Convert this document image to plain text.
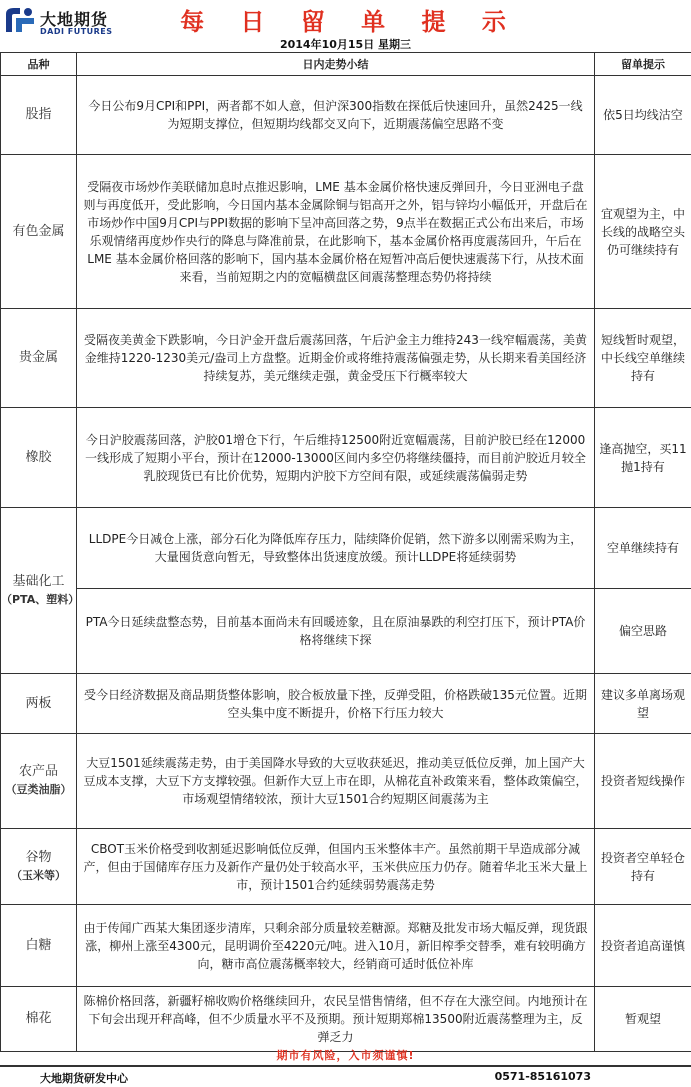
大地期货
DADI FUTURES	每 日 留 单 提 示
2014年10月15日 星期三
品种	日内走势小结	留单提示
股指	今日公布9月CPI和PPI，两者都不如人意，但沪深300指数在探低后快速回升，虽然2425一线为短期支撑位，但短期均线都交叉向下，近期震荡偏空思路不变	依5日均线沽空
有色金属	受隔夜市场炒作美联储加息时点推迟影响，LME 基本金属价格快速反弹回升，今日亚洲电子盘则与再度低开，受此影响，今日国内基本金属除铜与铝高开之外，铝与锌均小幅低开，开盘后在市场炒作中国9月CPI与PPI数据的影响下呈冲高回落之势，9点半在数据正式公布出来后，市场乐观情绪再度炒作央行的降息与降准前景，在此影响下，基本金属价格再度震荡回升，午后在LME 基本金属价格回落的影响下，国内基本金属价格在短暂冲高后便快速震荡下行，从技术面来看，当前短期之内的宽幅横盘区间震荡整理态势仍将持续	宜观望为主，中长线的战略空头仍可继续持有
贵金属	受隔夜美黄金下跌影响，今日沪金开盘后震荡回落，午后沪金主力维持243一线窄幅震荡，美黄金维持1220-1230美元/盎司上方盘整。近期金价或将维持震荡偏强走势，从长期来看美国经济持续复苏，美元继续走强，黄金受压下行概率较大	短线暂时观望，中长线空单继续持有
橡胶	今日沪胶震荡回落，沪胶01增仓下行，午后维持12500附近宽幅震荡，目前沪胶已经在12000一线形成了短期小平台，预计在12000-13000区间内多空仍将继续僵持，而目前沪胶近月较全乳胶现货已有比价优势，短期内沪胶下方空间有限，或延续震荡偏弱走势	逢高抛空，买11抛1持有
基础化工
（PTA、塑料）	LLDPE今日减仓上涨，部分石化为降低库存压力，陆续降价促销，然下游多以刚需采购为主，大量囤货意向暂无，导致整体出货速度放缓。预计LLDPE将延续弱势	空单继续持有
	PTA今日延续盘整态势，目前基本面尚未有回暖迹象，且在原油暴跌的利空打压下，预计PTA价格将继续下探	偏空思路
两板	受今日经济数据及商品期货整体影响，胶合板放量下挫，反弹受阻，价格跌破135元位置。近期空头集中度不断提升，价格下行压力较大	建议多单离场观望
农产品
（豆类油脂）	大豆1501延续震荡走势，由于美国降水导致的大豆收获延迟，推动美豆低位反弹，加上国产大豆成本支撑，大豆下方支撑较强。但新作大豆上市在即，从棉花直补政策来看，整体政策偏空，市场观望情绪较浓，预计大豆1501合约短期区间震荡为主	投资者短线操作
谷物
（玉米等）	CBOT玉米价格受到收割延迟影响低位反弹，但国内玉米整体丰产。虽然前期干旱造成部分减产，但由于国储库存压力及新作产量仍处于较高水平，玉米供应压力仍存。随着华北玉米大量上市，预计1501合约延续弱势震荡走势	投资者空单轻仓持有
白糖	由于传闻广西某大集团逐步清库，只剩余部分质量较差糖源。郑糖及批发市场大幅反弹，现货跟涨，柳州上涨至4300元，昆明调价至4220元/吨。进入10月，新旧榨季交替季，难有较明确方向，糖市高位震荡概率较大，经销商可适时低位补库	投资者追高谨慎
棉花	陈棉价格回落，新疆籽棉收购价格继续回升，农民呈惜售情绪，但不存在大涨空间。内地预计在下旬会出现开秤高峰，但不少质量水平不及预期。预计短期郑棉13500附近震荡整理为主，反弹乏力	暂观望
期市有风险，入市须谨慎!
大地期货研发中心	0571-85161073
